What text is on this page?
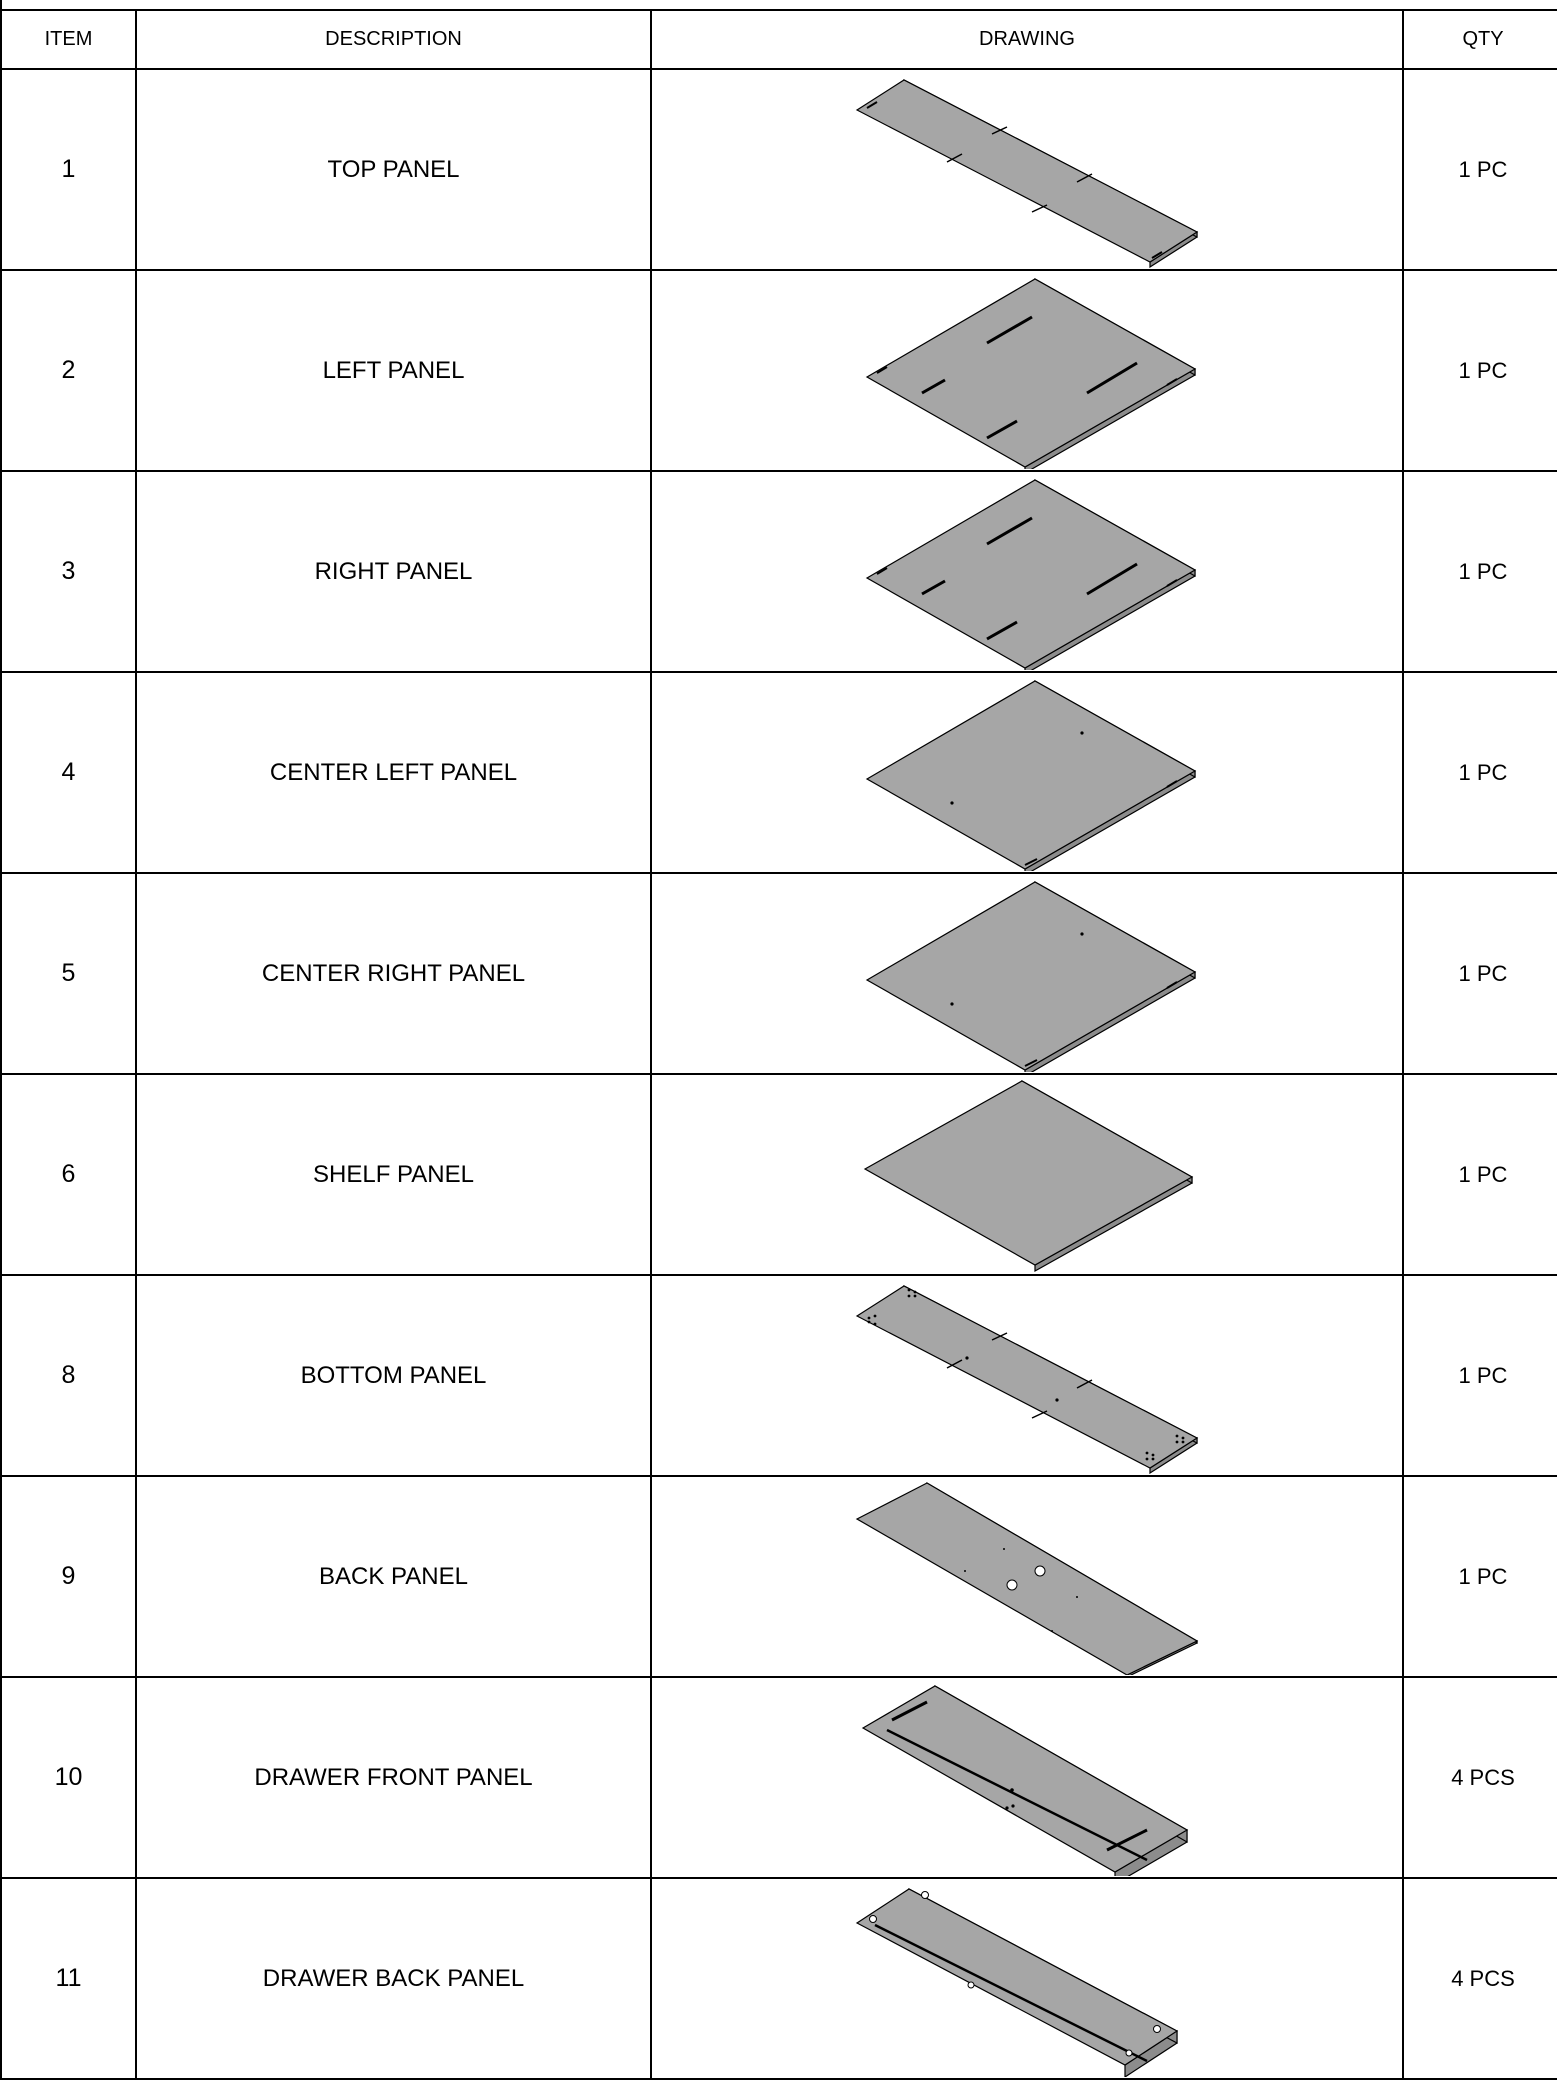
ITEM	DESCRIPTION	DRAWING	QTY
1	TOP PANEL		1 PC
2	LEFT PANEL		1 PC
3	RIGHT PANEL		1 PC
4	CENTER LEFT PANEL		1 PC
5	CENTER RIGHT PANEL		1 PC
6	SHELF PANEL		1 PC
8	BOTTOM PANEL		1 PC
9	BACK PANEL		1 PC
10	DRAWER FRONT PANEL		4 PCS
11	DRAWER BACK PANEL		4 PCS
